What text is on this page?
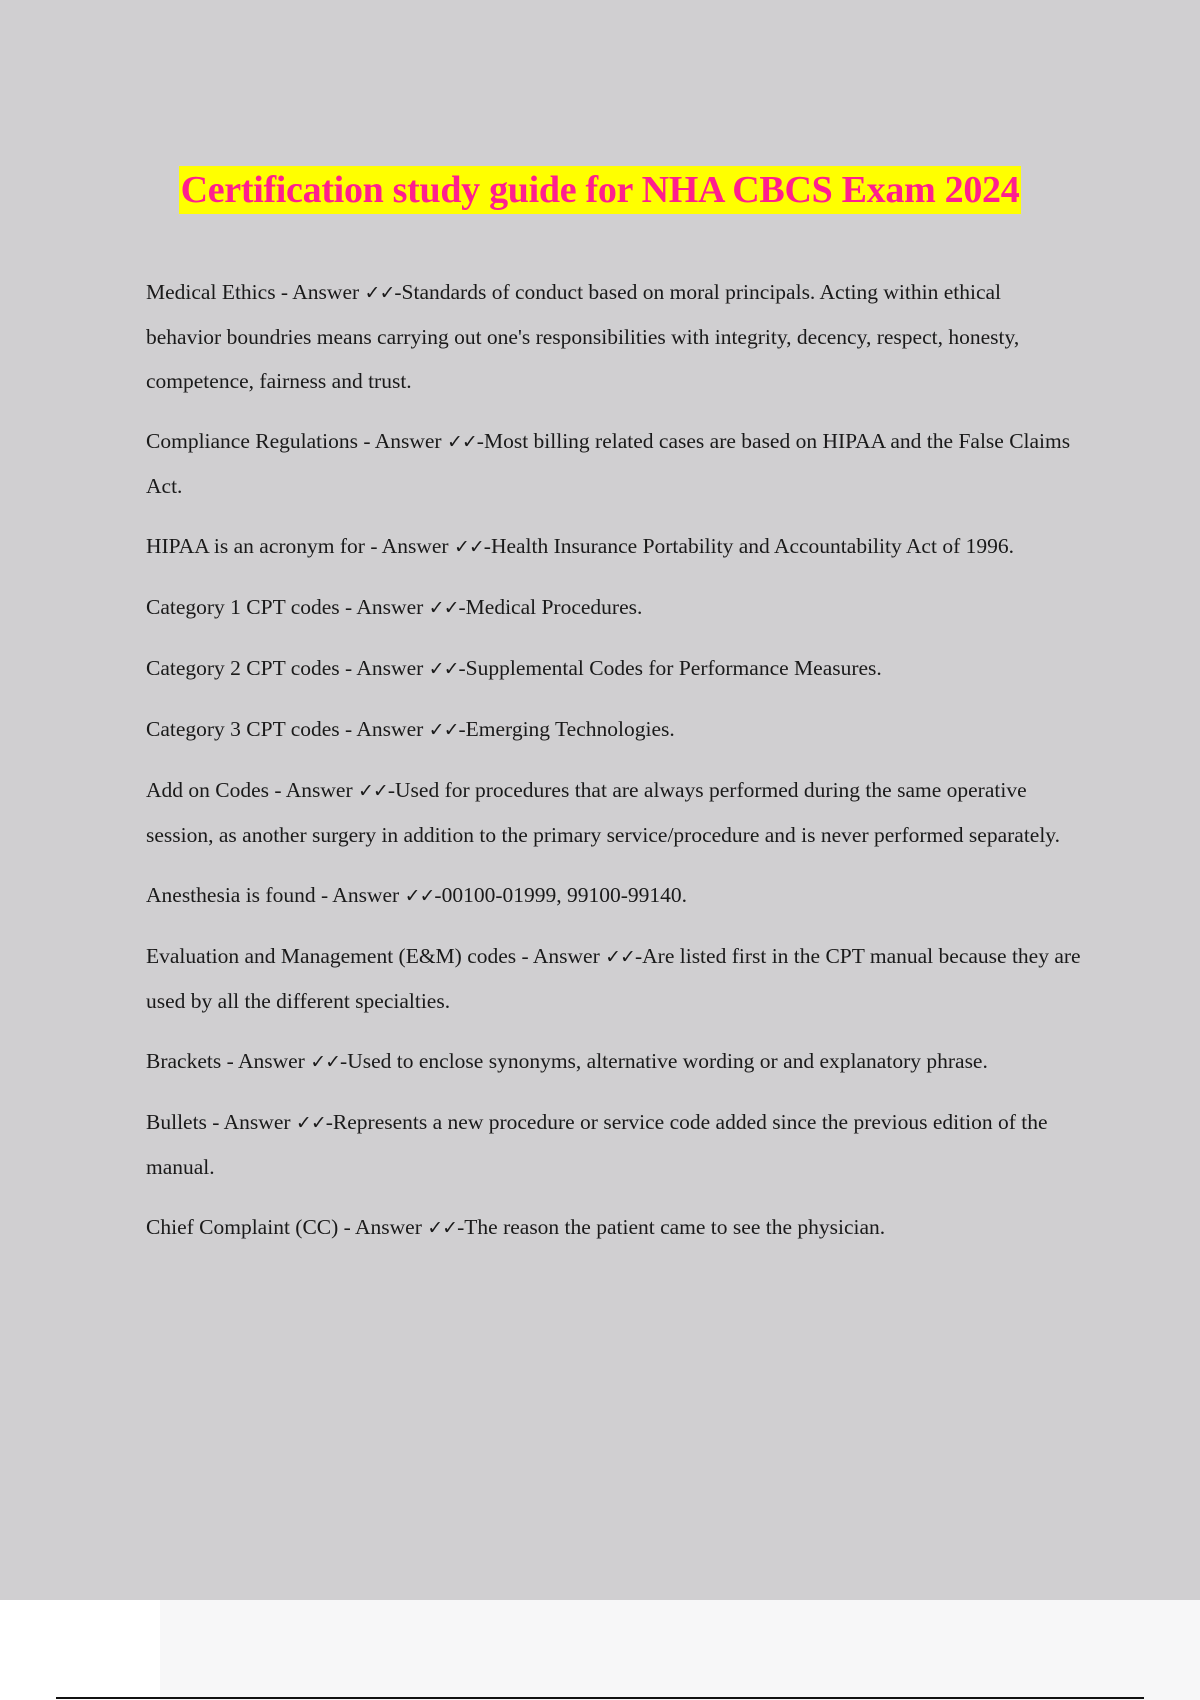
Certification study guide for NHA CBCS Exam 2024
Medical Ethics - Answer ✓✓-Standards of conduct based on moral principals. Acting within ethical behavior boundries means carrying out one's responsibilities with integrity, decency, respect, honesty, competence, fairness and trust.
Compliance Regulations - Answer ✓✓-Most billing related cases are based on HIPAA and the False Claims Act.
HIPAA is an acronym for - Answer ✓✓-Health Insurance Portability and Accountability Act of 1996.
Category 1 CPT codes - Answer ✓✓-Medical Procedures.
Category 2 CPT codes - Answer ✓✓-Supplemental Codes for Performance Measures.
Category 3 CPT codes - Answer ✓✓-Emerging Technologies.
Add on Codes - Answer ✓✓-Used for procedures that are always performed during the same operative session, as another surgery in addition to the primary service/procedure and is never performed separately.
Anesthesia is found - Answer ✓✓-00100-01999, 99100-99140.
Evaluation and Management (E&M) codes - Answer ✓✓-Are listed first in the CPT manual because they are used by all the different specialties.
Brackets - Answer ✓✓-Used to enclose synonyms, alternative wording or and explanatory phrase.
Bullets - Answer ✓✓-Represents a new procedure or service code added since the previous edition of the manual.
Chief Complaint (CC) - Answer ✓✓-The reason the patient came to see the physician.
